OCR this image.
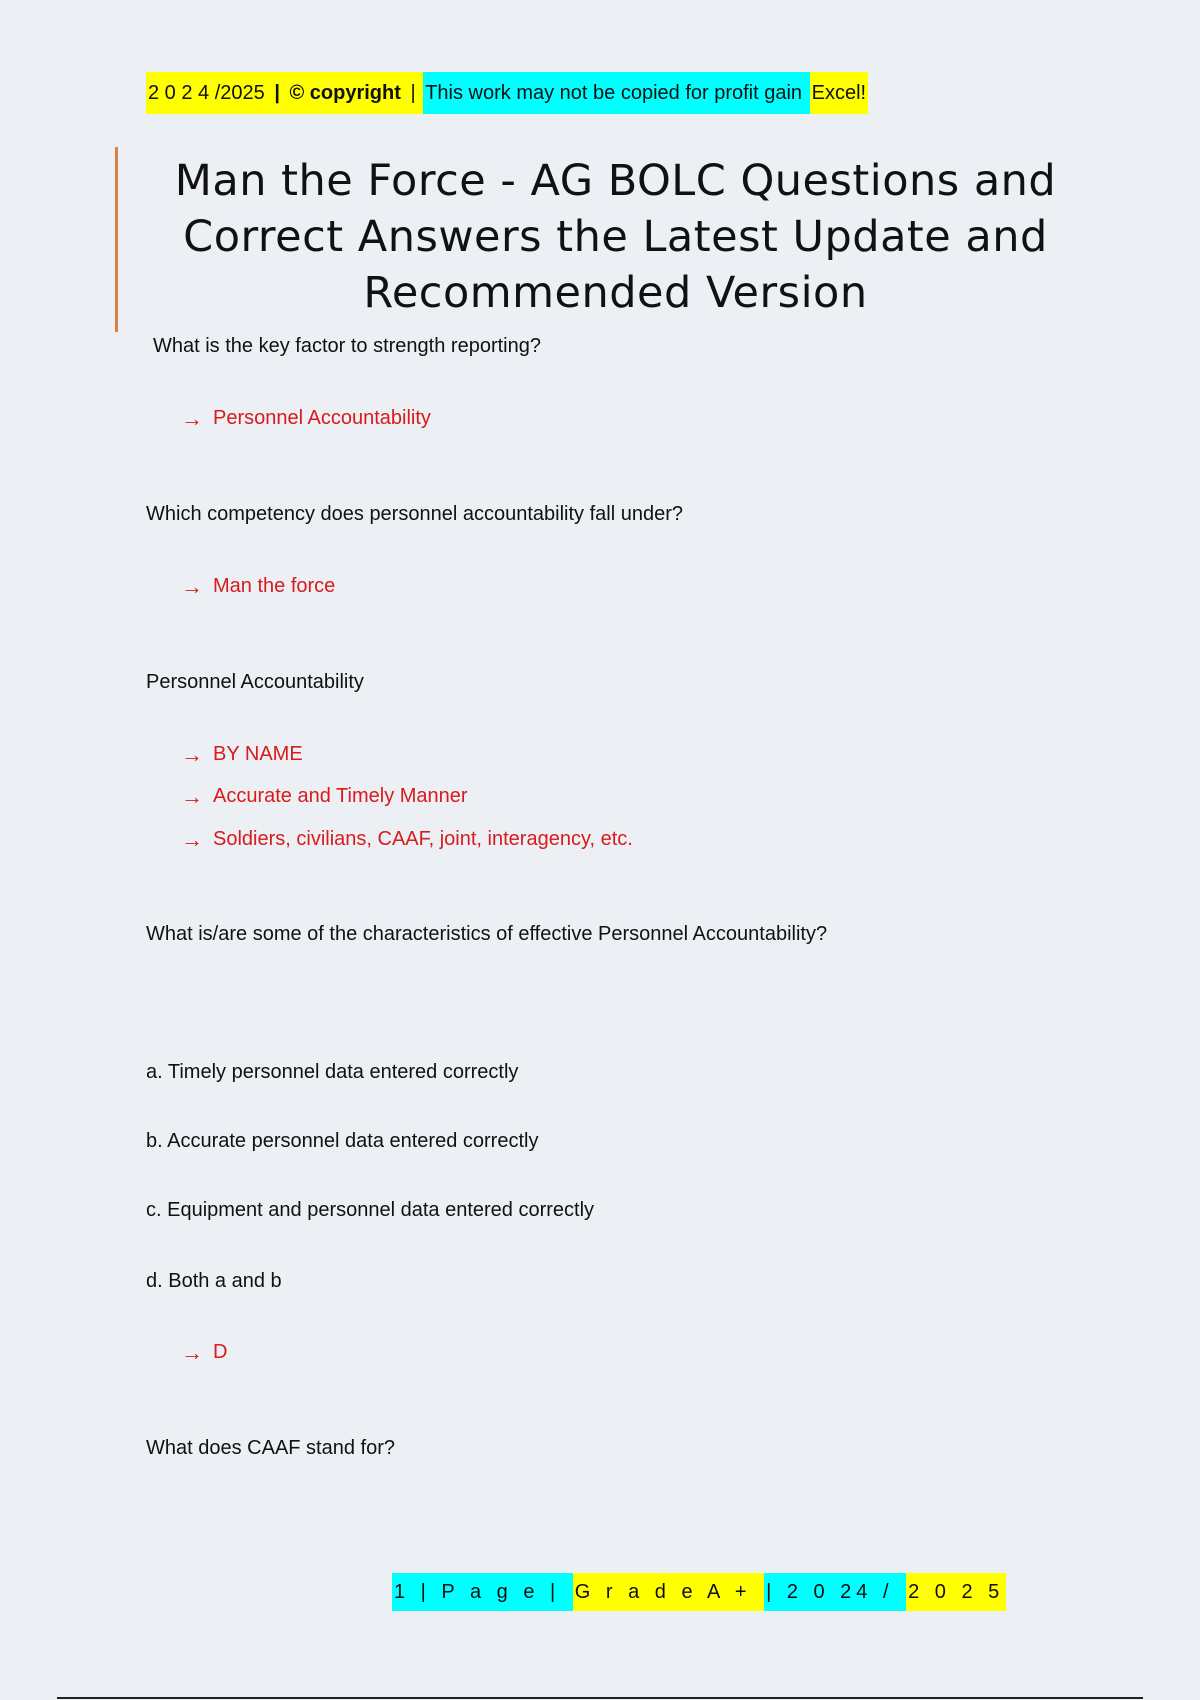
2 0 2 4 /2025 | © copyright | This work may not be copied for profit gain Excel!
Man the Force - AG BOLC Questions and Correct Answers the Latest Update and Recommended Version
What is the key factor to strength reporting?
→ Personnel Accountability
Which competency does personnel accountability fall under?
→ Man the force
Personnel Accountability
→ BY NAME
→ Accurate and Timely Manner
→ Soldiers, civilians, CAAF, joint, interagency, etc.
What is/are some of the characteristics of effective Personnel Accountability?
a. Timely personnel data entered correctly
b. Accurate personnel data entered correctly
c. Equipment and personnel data entered correctly
d. Both a and b
→ D
What does CAAF stand for?
1 | P a g e | G r a d e A + | 2 0 24 / 2 0 2 5
